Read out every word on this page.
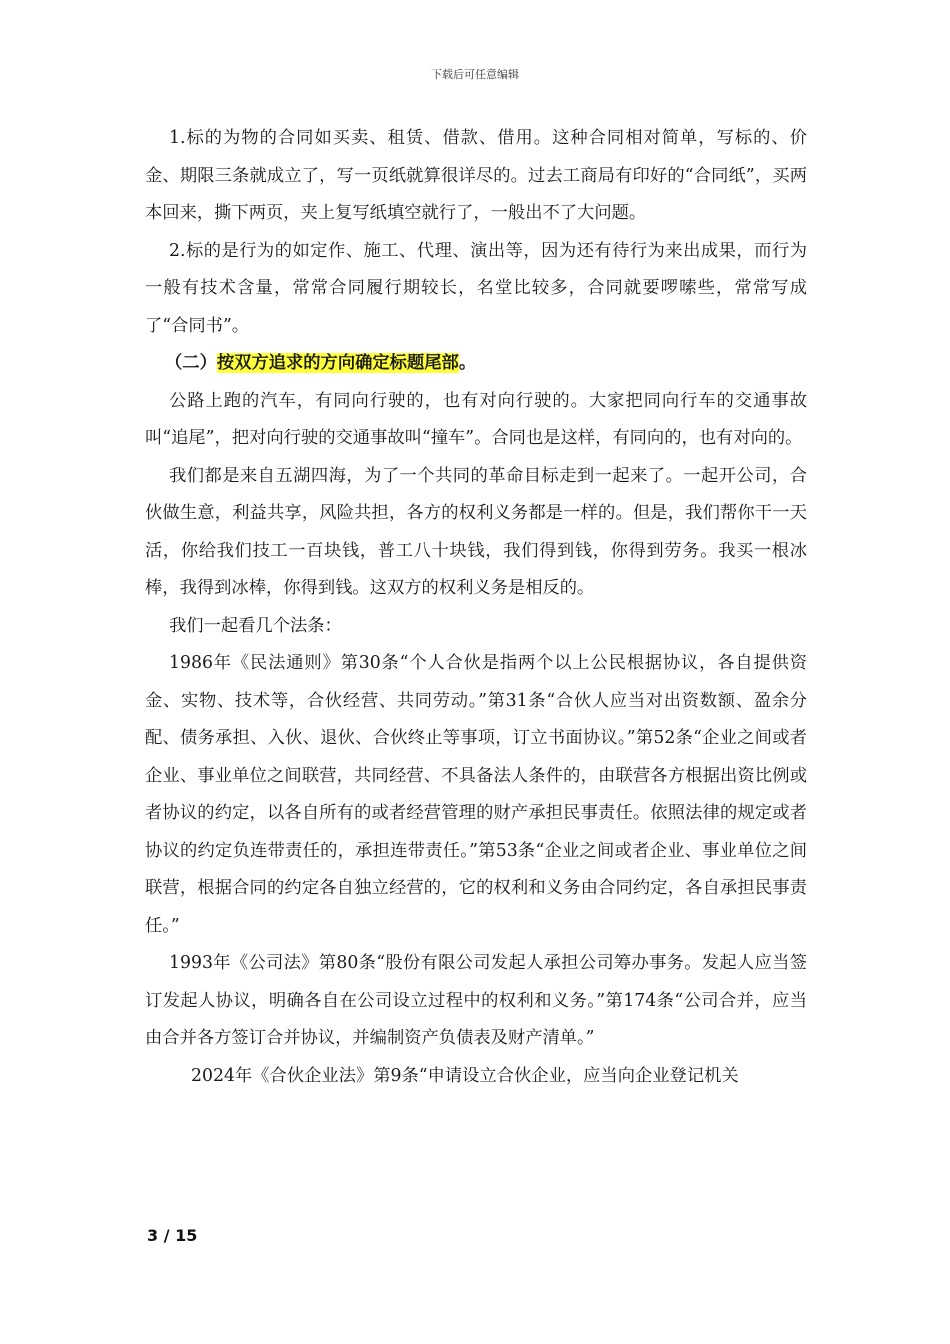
下载后可任意编辑

1.标的为物的合同如买卖、租赁、借款、借用。这种合同相对简单，写标的、价金、期限三条就成立了，写一页纸就算很详尽的。过去工商局有印好的“合同纸”，买两本回来，撕下两页，夹上复写纸填空就行了，一般出不了大问题。

2.标的是行为的如定作、施工、代理、演出等，因为还有待行为来出成果，而行为一般有技术含量，常常合同履行期较长，名堂比较多，合同就要啰嗦些，常常写成了“合同书”。

（二）按双方追求的方向确定标题尾部。

公路上跑的汽车，有同向行驶的，也有对向行驶的。大家把同向行车的交通事故叫“追尾”，把对向行驶的交通事故叫“撞车”。合同也是这样，有同向的，也有对向的。

我们都是来自五湖四海，为了一个共同的革命目标走到一起来了。一起开公司，合伙做生意，利益共享，风险共担，各方的权利义务都是一样的。但是，我们帮你干一天活，你给我们技工一百块钱，普工八十块钱，我们得到钱，你得到劳务。我买一根冰棒，我得到冰棒，你得到钱。这双方的权利义务是相反的。

我们一起看几个法条：

1986年《民法通则》第30条“个人合伙是指两个以上公民根据协议，各自提供资金、实物、技术等，合伙经营、共同劳动。”第31条“合伙人应当对出资数额、盈余分配、债务承担、入伙、退伙、合伙终止等事项，订立书面协议。”第52条“企业之间或者企业、事业单位之间联营，共同经营、不具备法人条件的，由联营各方根据出资比例或者协议的约定，以各自所有的或者经营管理的财产承担民事责任。依照法律的规定或者协议的约定负连带责任的，承担连带责任。”第53条“企业之间或者企业、事业单位之间联营，根据合同的约定各自独立经营的，它的权利和义务由合同约定，各自承担民事责任。”

1993年《公司法》第80条“股份有限公司发起人承担公司筹办事务。发起人应当签订发起人协议，明确各自在公司设立过程中的权利和义务。”第174条“公司合并，应当由合并各方签订合并协议，并编制资产负债表及财产清单。”

2024年《合伙企业法》第9条“申请设立合伙企业，应当向企业登记机关

3 / 15
